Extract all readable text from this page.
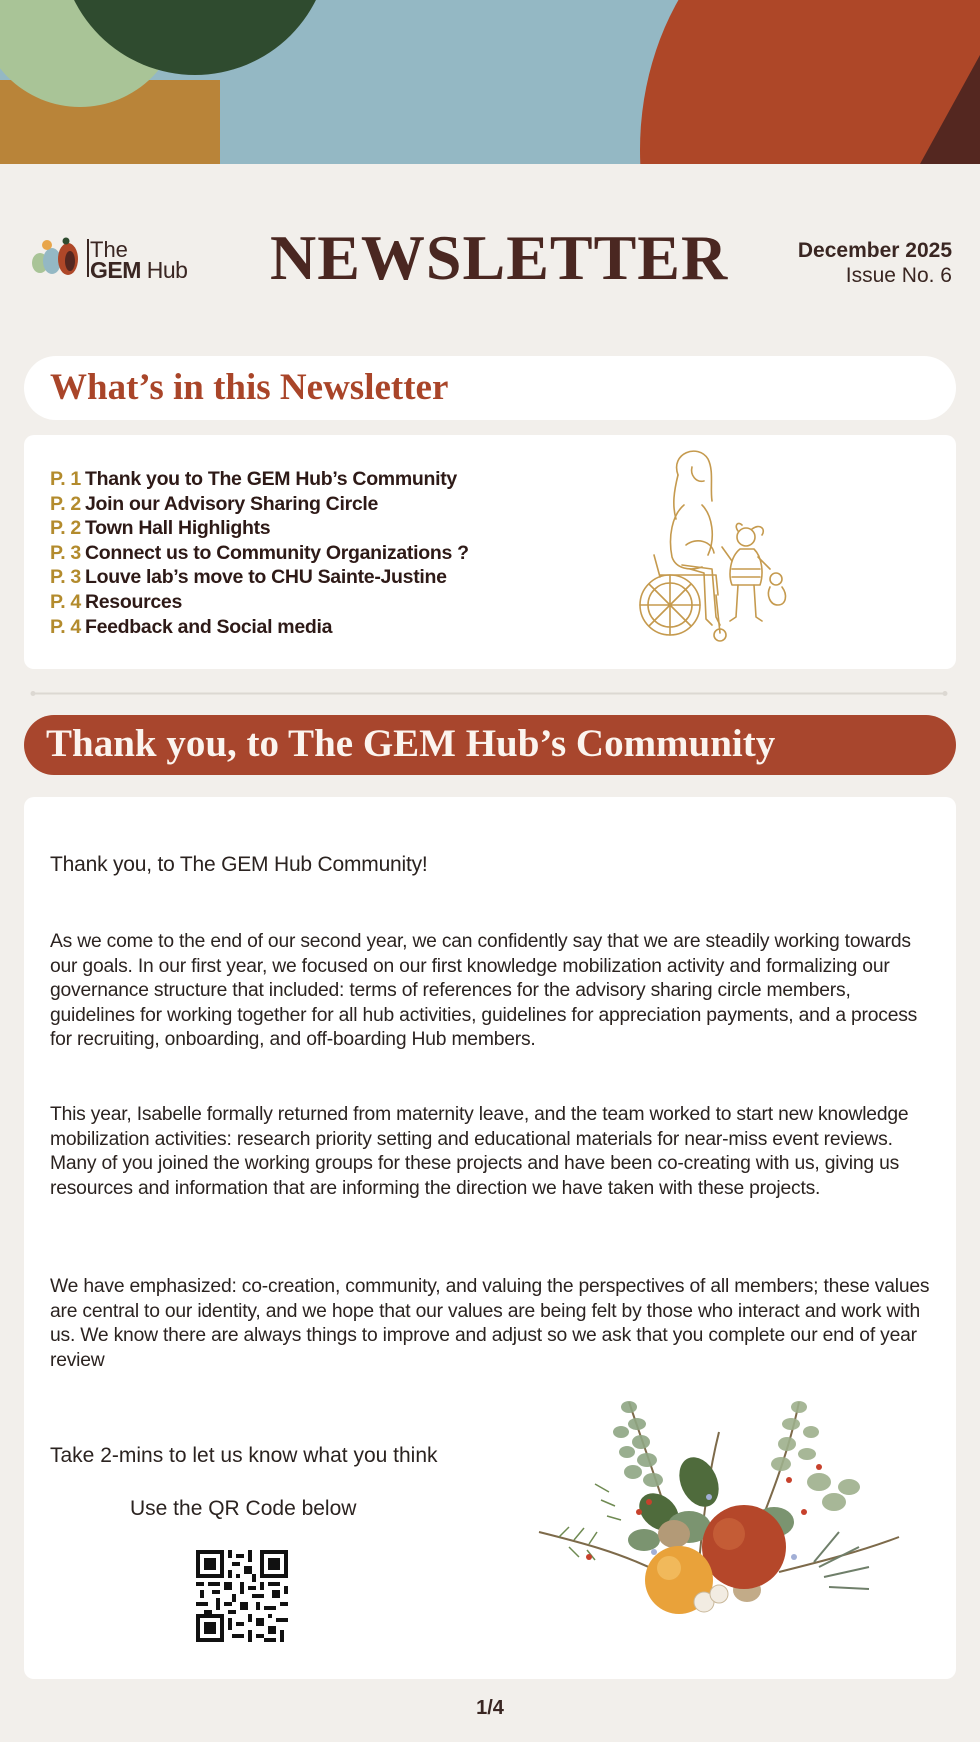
The
GEM Hub NEWSLETTER	December 2025
Issue No. 6
What’s in this Newsletter
P. 1 Thank you to The GEM Hub’s Community
P. 2 Join our Advisory Sharing Circle
P. 2 Town Hall Highlights
P. 3 Connect us to Community Organizations ?
P. 3 Louve lab’s move to CHU Sainte-Justine
P. 4 Resources
P. 4 Feedback and Social media
Thank you, to The GEM Hub’s Community

Thank you, to The GEM Hub Community!

As we come to the end of our second year, we can confidently say that we are steadily working towards our goals. In our first year, we focused on our first knowledge mobilization activity and formalizing our governance structure that included: terms of references for the advisory sharing circle members, guidelines for working together for all hub activities, guidelines for appreciation payments, and a process for recruiting, onboarding, and off-boarding Hub members.

This year, Isabelle formally returned from maternity leave, and the team worked to start new knowledge mobilization activities: research priority setting and educational materials for near-miss event reviews. Many of you joined the working groups for these projects and have been co-creating with us, giving us resources and information that are informing the direction we have taken with these projects.

We have emphasized: co-creation, community, and valuing the perspectives of all members; these values are central to our identity, and we hope that our values are being felt by those who interact and work with us. We know there are always things to improve and adjust so we ask that you complete our end of year review

Take 2-mins to let us know what you think

Use the QR Code below

1/4
